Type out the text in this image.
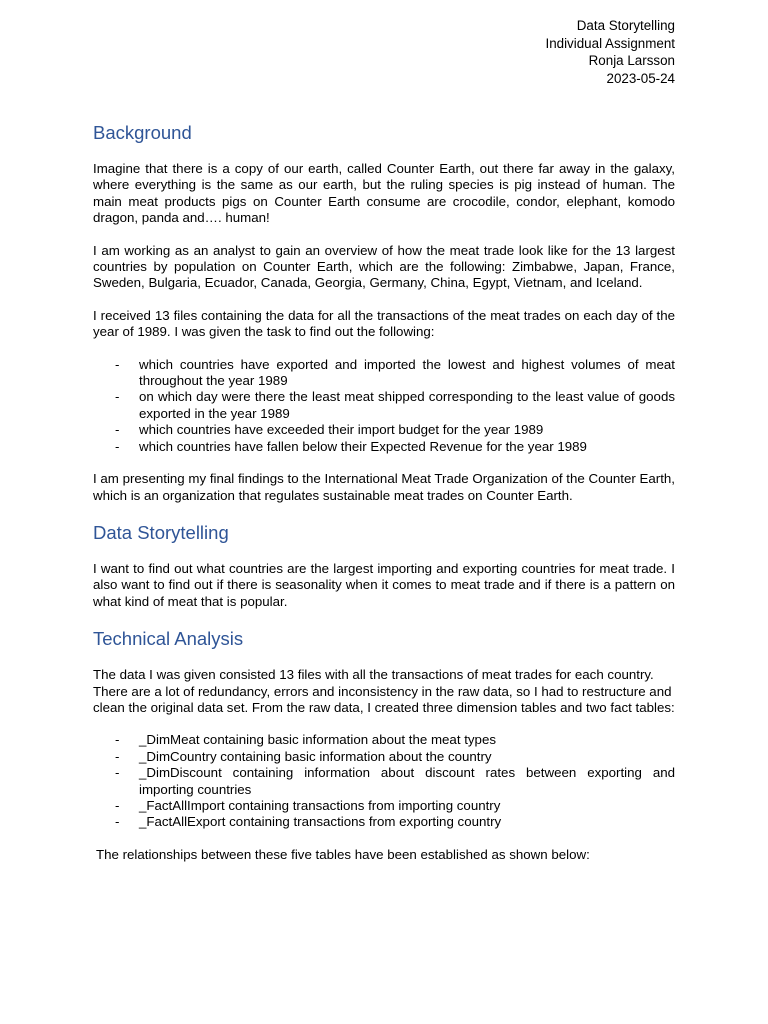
Data Storytelling
Individual Assignment
Ronja Larsson
2023-05-24
Background

Imagine that there is a copy of our earth, called Counter Earth, out there far away in the galaxy, where everything is the same as our earth, but the ruling species is pig instead of human. The main meat products pigs on Counter Earth consume are crocodile, condor, elephant, komodo dragon, panda and…. human!

I am working as an analyst to gain an overview of how the meat trade look like for the 13 largest countries by population on Counter Earth, which are the following: Zimbabwe, Japan, France, Sweden, Bulgaria, Ecuador, Canada, Georgia, Germany, China, Egypt, Vietnam, and Iceland.

I received 13 files containing the data for all the transactions of the meat trades on each day of the year of 1989. I was given the task to find out the following:

- which countries have exported and imported the lowest and highest volumes of meat throughout the year 1989
- on which day were there the least meat shipped corresponding to the least value of goods exported in the year 1989
- which countries have exceeded their import budget for the year 1989
- which countries have fallen below their Expected Revenue for the year 1989

I am presenting my final findings to the International Meat Trade Organization of the Counter Earth, which is an organization that regulates sustainable meat trades on Counter Earth.

Data Storytelling

I want to find out what countries are the largest importing and exporting countries for meat trade. I also want to find out if there is seasonality when it comes to meat trade and if there is a pattern on what kind of meat that is popular.

Technical Analysis

The data I was given consisted 13 files with all the transactions of meat trades for each country. There are a lot of redundancy, errors and inconsistency in the raw data, so I had to restructure and clean the original data set. From the raw data, I created three dimension tables and two fact tables:

- _DimMeat containing basic information about the meat types
- _DimCountry containing basic information about the country
- _DimDiscount containing information about discount rates between exporting and importing countries
- _FactAllImport containing transactions from importing country
- _FactAllExport containing transactions from exporting country

The relationships between these five tables have been established as shown below:
